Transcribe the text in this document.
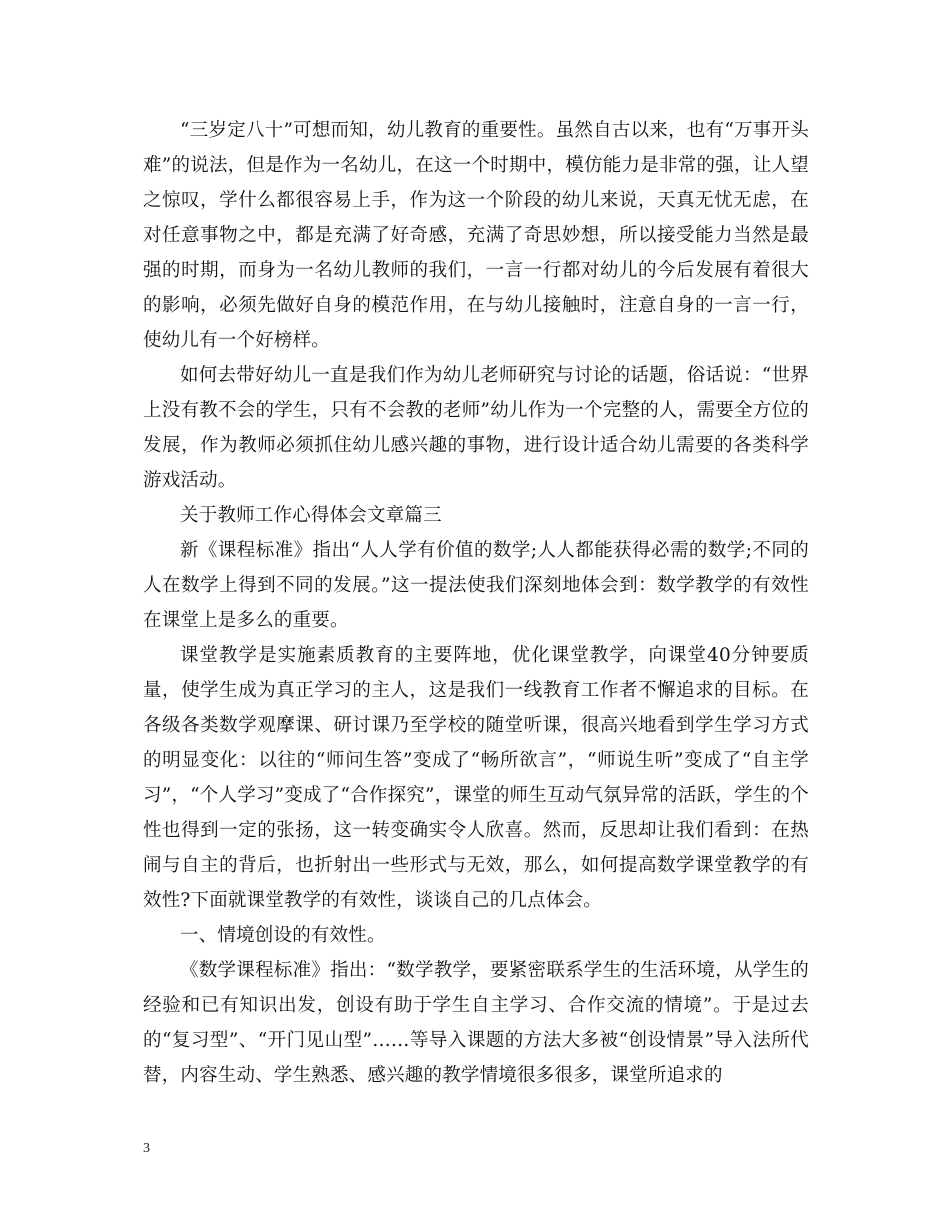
“三岁定八十”可想而知，幼儿教育的重要性。虽然自古以来，也有“万事开头难”的说法，但是作为一名幼儿，在这一个时期中，模仿能力是非常的强，让人望之惊叹，学什么都很容易上手，作为这一个阶段的幼儿来说，天真无忧无虑，在对任意事物之中，都是充满了好奇感，充满了奇思妙想，所以接受能力当然是最强的时期，而身为一名幼儿教师的我们，一言一行都对幼儿的今后发展有着很大的影响，必须先做好自身的模范作用，在与幼儿接触时，注意自身的一言一行，使幼儿有一个好榜样。

如何去带好幼儿一直是我们作为幼儿老师研究与讨论的话题，俗话说：“世界上没有教不会的学生，只有不会教的老师”幼儿作为一个完整的人，需要全方位的发展，作为教师必须抓住幼儿感兴趣的事物，进行设计适合幼儿需要的各类科学游戏活动。

关于教师工作心得体会文章篇三

新《课程标准》指出“人人学有价值的数学;人人都能获得必需的数学;不同的人在数学上得到不同的发展。”这一提法使我们深刻地体会到：数学教学的有效性在课堂上是多么的重要。

课堂教学是实施素质教育的主要阵地，优化课堂教学，向课堂40分钟要质量，使学生成为真正学习的主人，这是我们一线教育工作者不懈追求的目标。在各级各类数学观摩课、研讨课乃至学校的随堂听课，很高兴地看到学生学习方式的明显变化：以往的“师问生答”变成了“畅所欲言”，“师说生听”变成了“自主学习”，“个人学习”变成了“合作探究”，课堂的师生互动气氛异常的活跃，学生的个性也得到一定的张扬，这一转变确实令人欣喜。然而，反思却让我们看到：在热闹与自主的背后，也折射出一些形式与无效，那么，如何提高数学课堂教学的有效性?下面就课堂教学的有效性，谈谈自己的几点体会。

一、情境创设的有效性。

《数学课程标准》指出：“数学教学，要紧密联系学生的生活环境，从学生的经验和已有知识出发，创设有助于学生自主学习、合作交流的情境”。于是过去的“复习型”、“开门见山型”……等导入课题的方法大多被“创设情景”导入法所代替，内容生动、学生熟悉、感兴趣的教学情境很多很多，课堂所追求的

3
